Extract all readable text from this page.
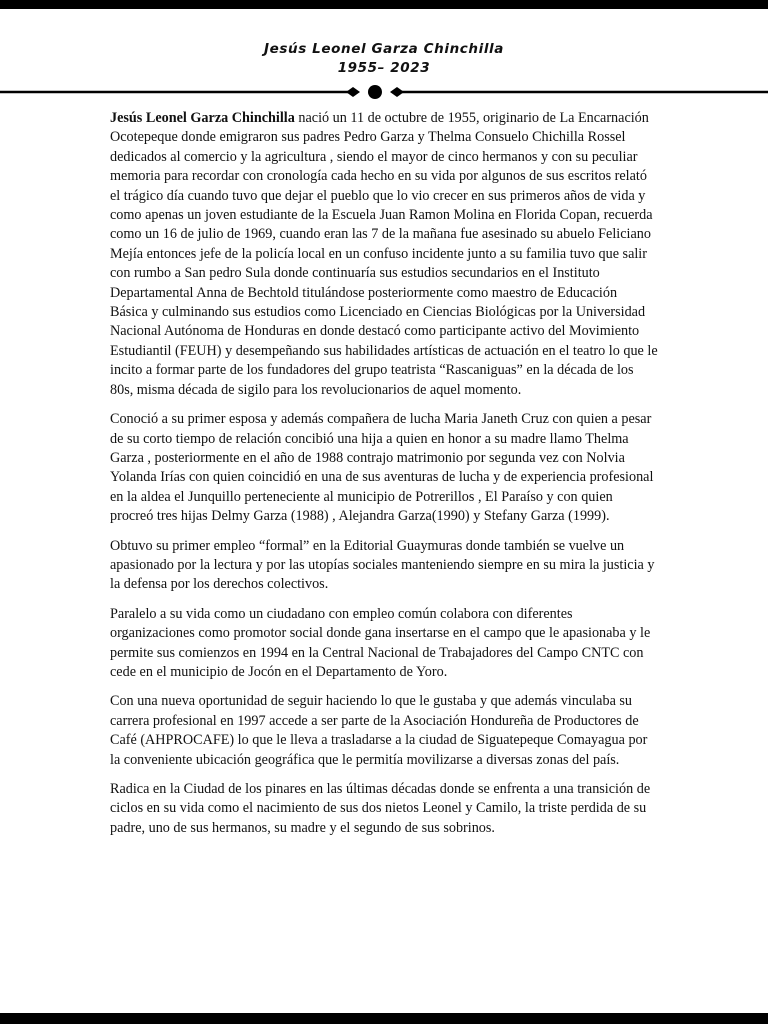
Jesús Leonel Garza Chinchilla
1955– 2023

Jesús Leonel Garza Chinchilla nació un 11 de octubre de 1955, originario de La Encarnación Ocotepeque donde emigraron sus padres Pedro Garza y Thelma Consuelo Chichilla Rossel dedicados al comercio y la agricultura , siendo el mayor de cinco hermanos y con su peculiar memoria para recordar con cronología cada hecho en su vida por algunos de sus escritos relató el trágico día cuando tuvo que dejar el pueblo que lo vio crecer en sus primeros años de vida y como apenas un joven estudiante de la Escuela Juan Ramon Molina en Florida Copan, recuerda como un 16 de julio de 1969, cuando eran las 7 de la mañana fue asesinado su abuelo Feliciano Mejía entonces jefe de la policía local en un confuso incidente junto a su familia tuvo que salir con rumbo a San pedro Sula donde continuaría sus estudios secundarios en el Instituto Departamental Anna de Bechtold titulándose posteriormente como maestro de Educación Básica y culminando sus estudios como Licenciado en Ciencias Biológicas por la Universidad Nacional Autónoma de Honduras en donde destacó como participante activo del Movimiento Estudiantil (FEUH) y desempeñando sus habilidades artísticas de actuación en el teatro lo que le incito a formar parte de los fundadores del grupo teatrista “Rascaniguas” en la década de los 80s, misma década de sigilo para los revolucionarios de aquel momento.

Conoció a su primer esposa y además compañera de lucha Maria Janeth Cruz con quien a pesar de su corto tiempo de relación concibió una hija a quien en honor a su madre llamo Thelma Garza , posteriormente en el año de 1988 contrajo matrimonio por segunda vez con Nolvia Yolanda Irías con quien coincidió en una de sus aventuras de lucha y de experiencia profesional en la aldea el Junquillo perteneciente al municipio de Potrerillos , El Paraíso y con quien procreó tres hijas Delmy Garza (1988) , Alejandra Garza(1990) y Stefany Garza (1999).

Obtuvo su primer empleo “formal” en la Editorial Guaymuras donde también se vuelve un apasionado por la lectura y por las utopías sociales manteniendo siempre en su mira la justicia y la defensa por los derechos colectivos.

Paralelo a su vida como un ciudadano con empleo común colabora con diferentes organizaciones como promotor social donde gana insertarse en el campo que le apasionaba y le permite sus comienzos en 1994 en la Central Nacional de Trabajadores del Campo CNTC con cede en el municipio de Jocón en el Departamento de Yoro.

Con una nueva oportunidad de seguir haciendo lo que le gustaba y que además vinculaba su carrera profesional en 1997 accede a ser parte de la Asociación Hondureña de Productores de Café (AHPROCAFE) lo que le lleva a trasladarse a la ciudad de Siguatepeque Comayagua por la conveniente ubicación geográfica que le permitía movilizarse a diversas zonas del país.

Radica en la Ciudad de los pinares en las últimas décadas donde se enfrenta a una transición de ciclos en su vida como el nacimiento de sus dos nietos Leonel y Camilo, la triste perdida de su padre, uno de sus hermanos, su madre y el segundo de sus sobrinos.
